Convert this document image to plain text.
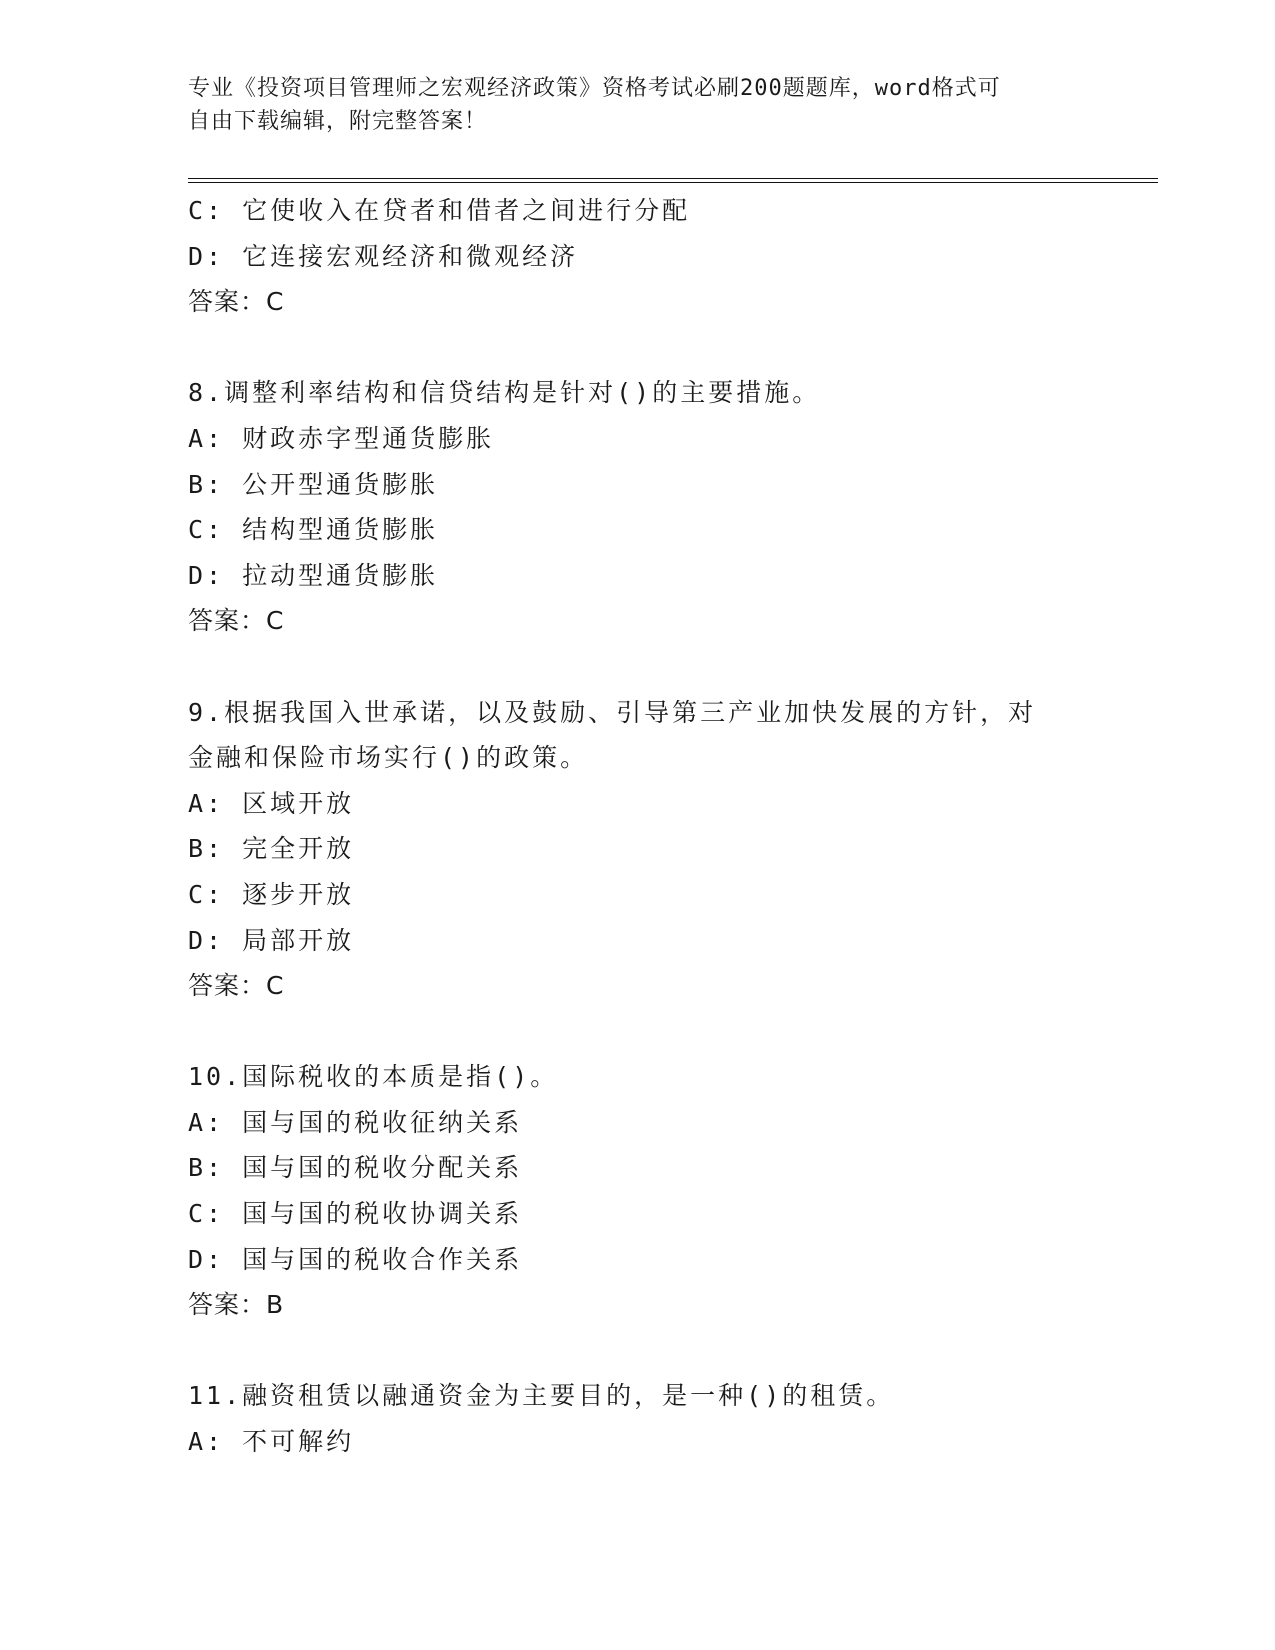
专业《投资项目管理师之宏观经济政策》资格考试必刷200题题库，word格式可
自由下载编辑，附完整答案！
C: 它使收入在贷者和借者之间进行分配
D: 它连接宏观经济和微观经济
答案：C
8.调整利率结构和信贷结构是针对()的主要措施。
A: 财政赤字型通货膨胀
B: 公开型通货膨胀
C: 结构型通货膨胀
D: 拉动型通货膨胀
答案：C
9.根据我国入世承诺，以及鼓励、引导第三产业加快发展的方针，对
金融和保险市场实行()的政策。
A: 区域开放
B: 完全开放
C: 逐步开放
D: 局部开放
答案：C
10.国际税收的本质是指()。
A: 国与国的税收征纳关系
B: 国与国的税收分配关系
C: 国与国的税收协调关系
D: 国与国的税收合作关系
答案：B
11.融资租赁以融通资金为主要目的，是一种()的租赁。
A: 不可解约
